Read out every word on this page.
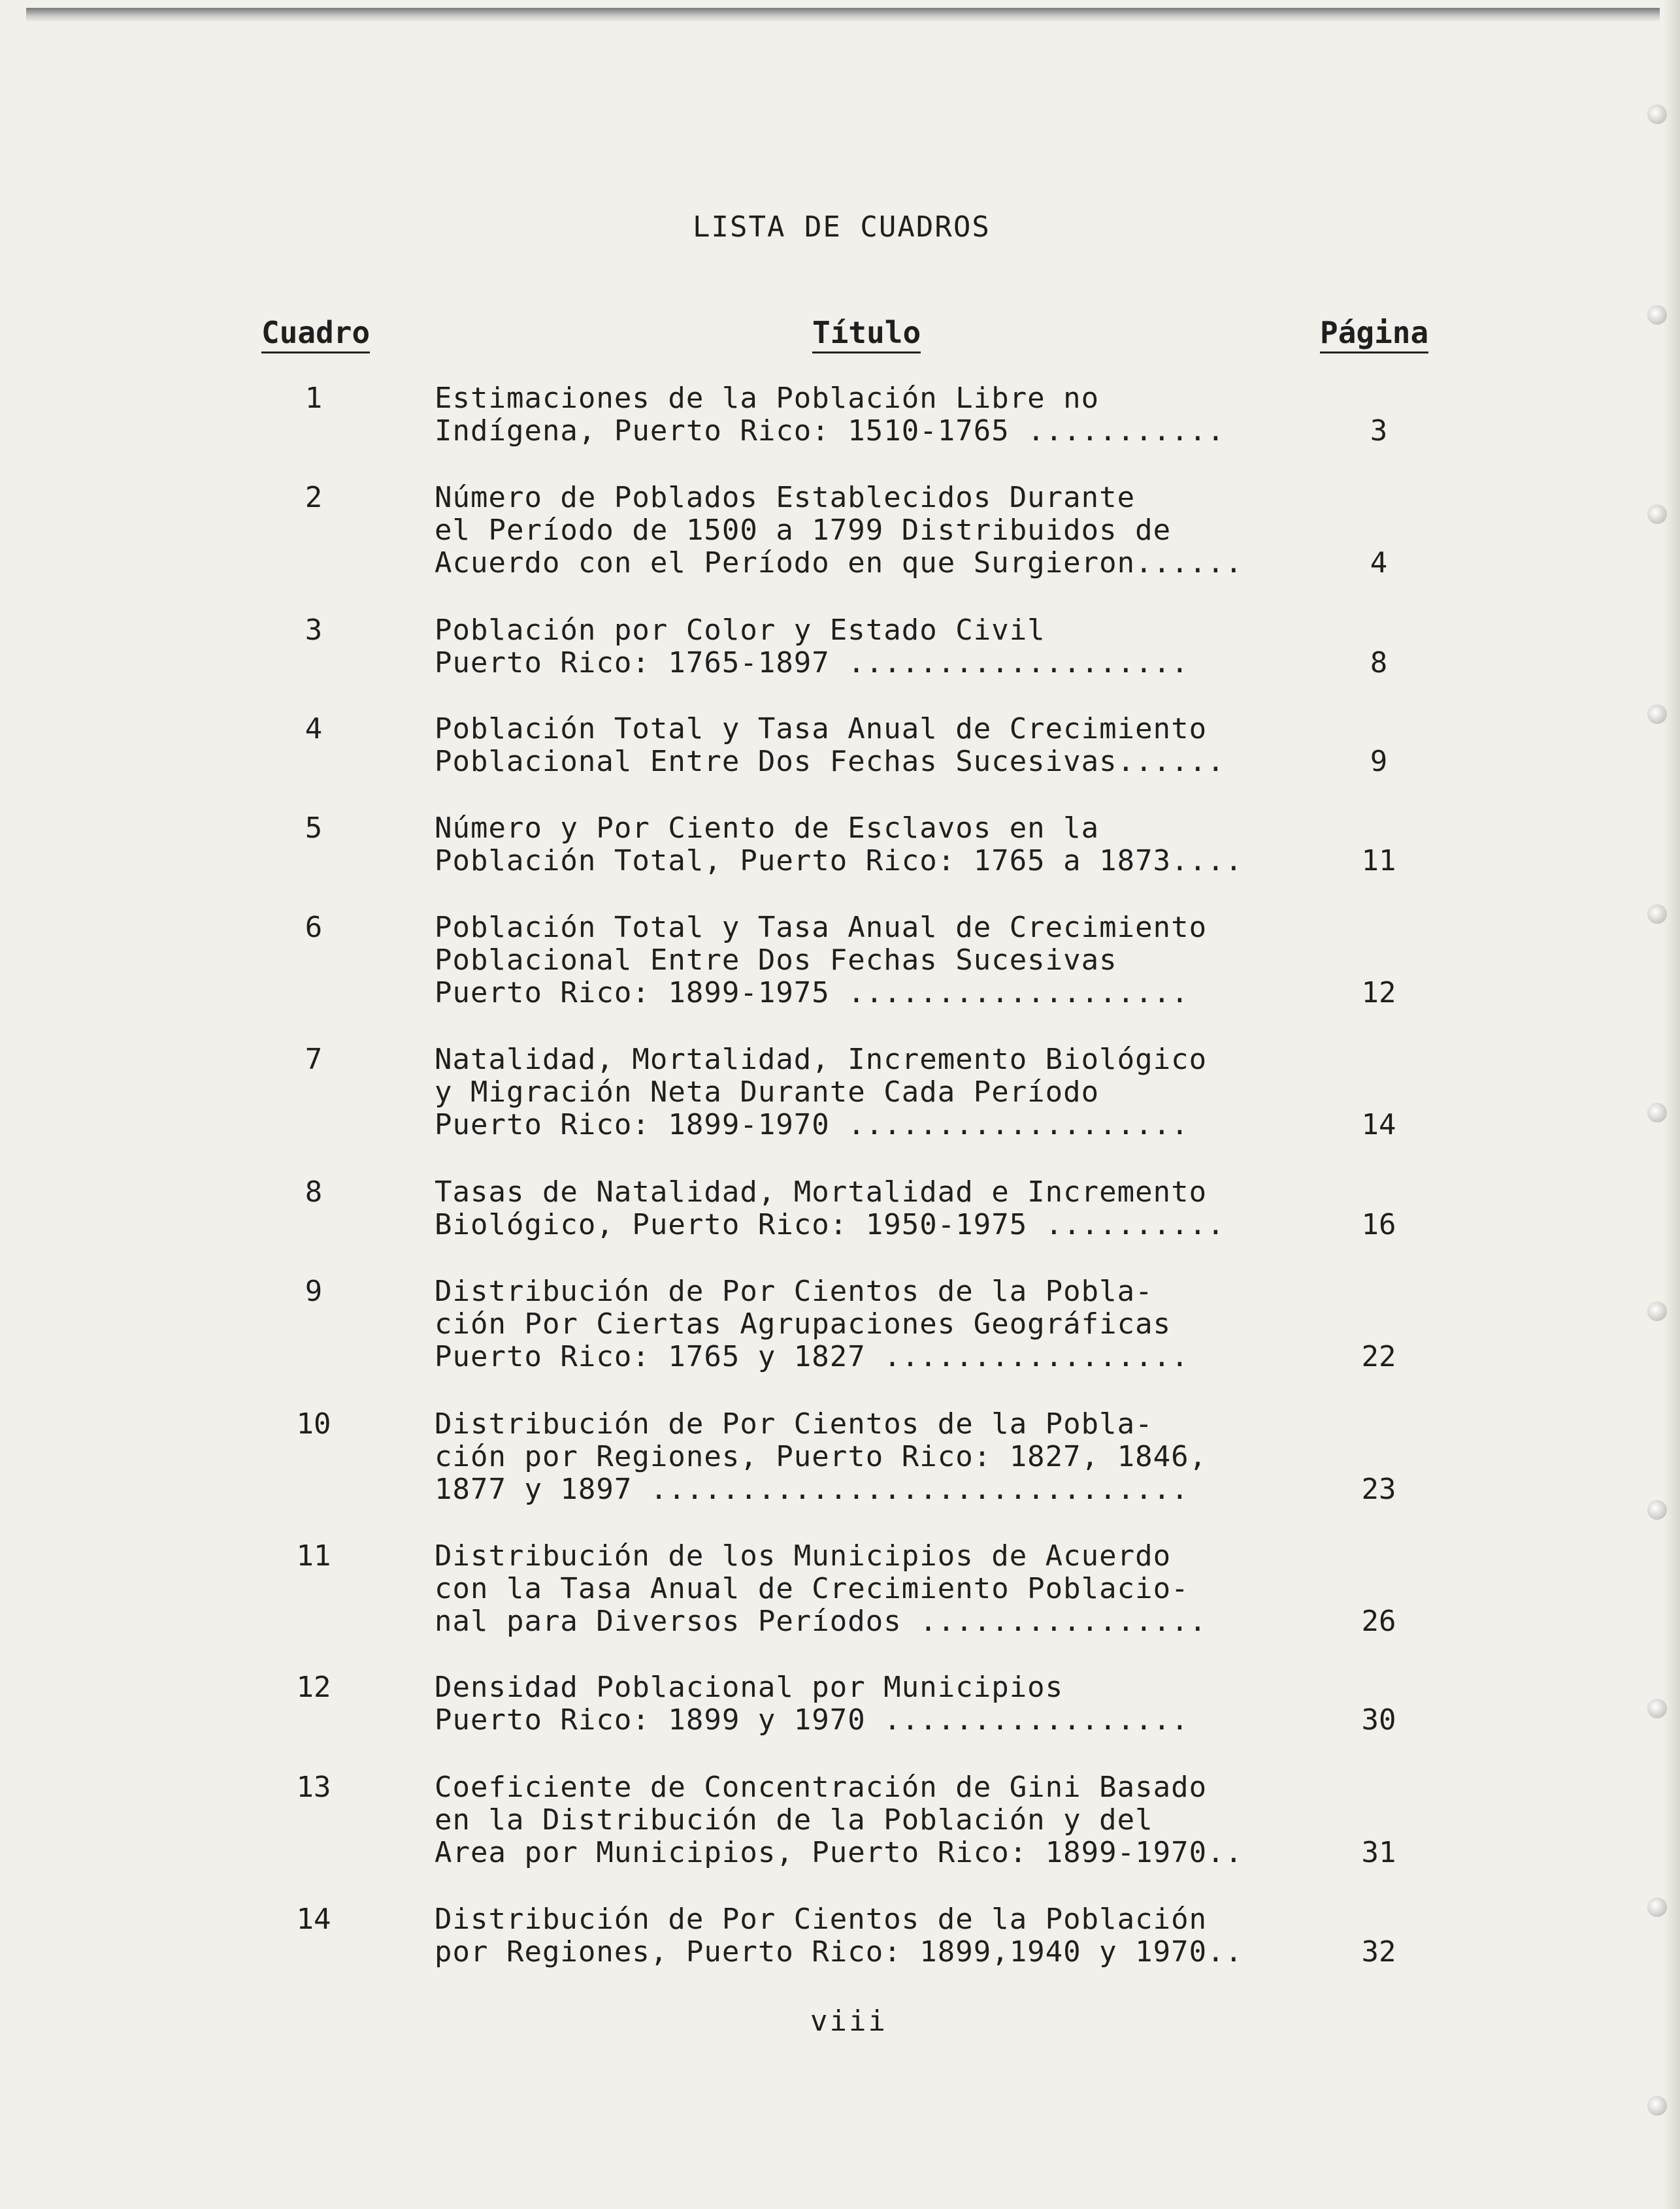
LISTA DE CUADROS
Cuadro	Título	Página
1	Estimaciones de la Población Libre no
Indígena, Puerto Rico: 1510-1765 ...........	3
2	Número de Poblados Establecidos Durante
el Período de 1500 a 1799 Distribuidos de
Acuerdo con el Período en que Surgieron......	4
3	Población por Color y Estado Civil
Puerto Rico: 1765-1897 ...................	8
4	Población Total y Tasa Anual de Crecimiento
Poblacional Entre Dos Fechas Sucesivas......	9
5	Número y Por Ciento de Esclavos en la
Población Total, Puerto Rico: 1765 a 1873....	11
6	Población Total y Tasa Anual de Crecimiento
Poblacional Entre Dos Fechas Sucesivas
Puerto Rico: 1899-1975 ...................	12
7	Natalidad, Mortalidad, Incremento Biológico
y Migración Neta Durante Cada Período
Puerto Rico: 1899-1970 ...................	14
8	Tasas de Natalidad, Mortalidad e Incremento
Biológico, Puerto Rico: 1950-1975 ..........	16
9	Distribución de Por Cientos de la Pobla-
ción Por Ciertas Agrupaciones Geográficas
Puerto Rico: 1765 y 1827 .................	22
10	Distribución de Por Cientos de la Pobla-
ción por Regiones, Puerto Rico: 1827, 1846,
1877 y 1897 ..............................	23
11	Distribución de los Municipios de Acuerdo
con la Tasa Anual de Crecimiento Poblacio-
nal para Diversos Períodos ................	26
12	Densidad Poblacional por Municipios
Puerto Rico: 1899 y 1970 .................	30
13	Coeficiente de Concentración de Gini Basado
en la Distribución de la Población y del
Area por Municipios, Puerto Rico: 1899-1970..	31
14	Distribución de Por Cientos de la Población
por Regiones, Puerto Rico: 1899,1940 y 1970..	32
viii
